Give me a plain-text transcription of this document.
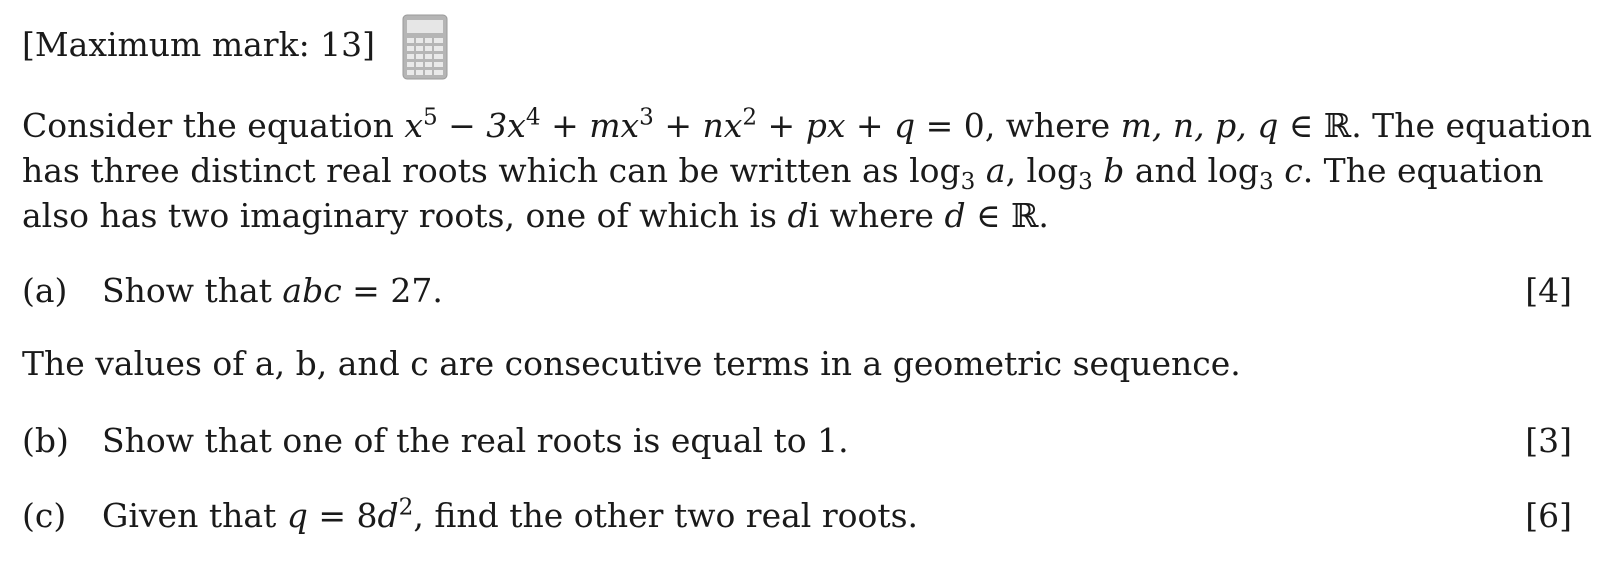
[Maximum mark: 13]
Consider the equation $x^5 - 3x^4 + mx^3 + nx^2$ + px + q = 0, where m, n, p, q ∈ ℝ. The equation
has three distinct real roots which can be written as $\log_3 a$, $\log_3 b$ and $\log_3 c$. The equation
also has two imaginary roots, one of which is di where d ∈ ℝ.
(a) Show that abc = 27.	[4]
The values of a, b, and c are consecutive terms in a geometric sequence.
(b) Show that one of the real roots is equal to 1.	[3]
(c) Given that $q = 8d^2$, find the other two real roots.	[6]
